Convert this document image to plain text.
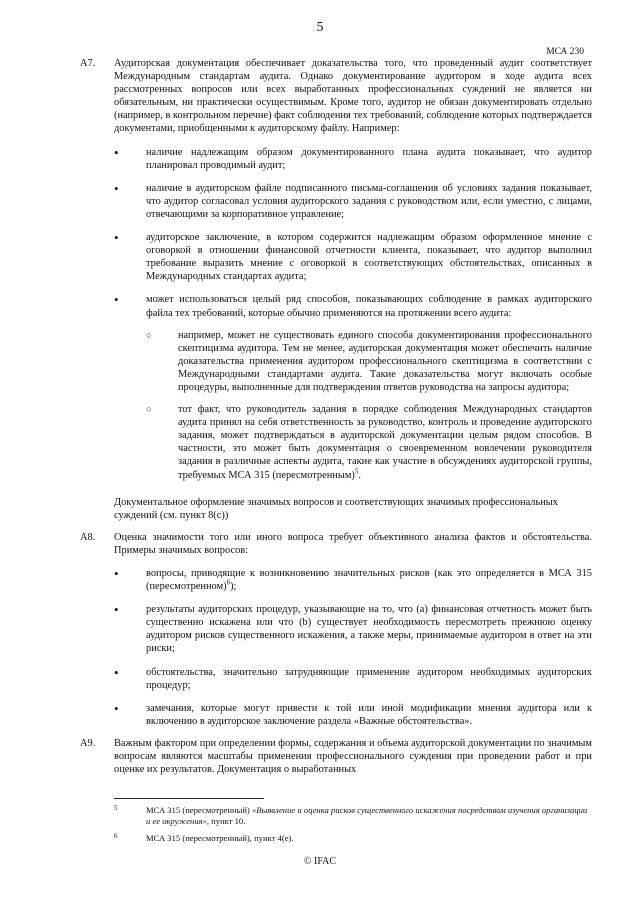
5
МСА 230
А7. Аудиторская документация обеспечивает доказательства того, что проведенный аудит соответствует Международным стандартам аудита. Однако документирование аудитором в ходе аудита всех рассмотренных вопросов или всех выработанных профессиональных суждений не является ни обязательным, ни практически осуществимым. Кроме того, аудитор не обязан документировать отдельно (например, в контрольном перечне) факт соблюдения тех требований, соблюдение которых подтверждается документами, приобщенными к аудиторскому файлу. Например:

•	наличие надлежащим образом документированного плана аудита показывает, что аудитор планировал проводимый аудит;

•	наличие в аудиторском файле подписанного письма-соглашения об условиях задания показывает, что аудитор согласовал условия аудиторского задания с руководством или, если уместно, с лицами, отвечающими за корпоративное управление;

•	аудиторское заключение, в котором содержится надлежащим образом оформленное мнение с оговоркой в отношении финансовой отчетности клиента, показывает, что аудитор выполнил требование выразить мнение с оговоркой в соответствующих обстоятельствах, описанных в Международных стандартах аудита;

•	может использоваться целый ряд способов, показывающих соблюдение в рамках аудиторского файла тех требований, которые обычно применяются на протяжении всего аудита:

○	например, может не существовать единого способа документирования профессионального скептицизма аудитора. Тем не менее, аудиторская документация может обеспечить наличие доказательства применения аудитором профессионального скептицизма в соответствии с Международными стандартами аудита. Такие доказательства могут включать особые процедуры, выполненные для подтверждения ответов руководства на запросы аудитора;

○	тот факт, что руководитель задания в порядке соблюдения Международных стандартов аудита принял на себя ответственность за руководство, контроль и проведение аудиторского задания, может подтверждаться в аудиторской документации целым рядом способов. В частности, это может быть документация о своевременном вовлечении руководителя задания в различные аспекты аудита, такие как участие в обсуждениях аудиторской группы, требуемых МСА 315 (пересмотренным)$^5$.

Документальное оформление значимых вопросов и соответствующих значимых профессиональных суждений (см. пункт 8(с))

А8. Оценка значимости того или иного вопроса требует объективного анализа фактов и обстоятельства. Примеры значимых вопросов:

•	вопросы, приводящие к возникновению значительных рисков (как это определяется в МСА 315 (пересмотренном)$^6$);

•	результаты аудиторских процедур, указывающие на то, что (а) финансовая отчетность может быть существенно искажена или что (b) существует необходимость пересмотреть прежнюю оценку аудитором рисков существенного искажения, а также меры, принимаемые аудитором в ответ на эти риски;

•	обстоятельства, значительно затрудняющие применение аудитором необходимых аудиторских процедур;

•	замечания, которые могут привести к той или иной модификации мнения аудитора или к включению в аудиторское заключение раздела «Важные обстоятельства».

А9. Важным фактором при определении формы, содержания и объема аудиторской документации по значимым вопросам являются масштабы применения профессионального суждения при проведении работ и при оценке их результатов. Документация о выработанных

5	МСА 315 (пересмотренный) «Выявление и оценка рисков существенного искажения посредством изучения организации и ее окружения», пункт 10.
6	МСА 315 (пересмотренный), пункт 4(е).
© IFAC
